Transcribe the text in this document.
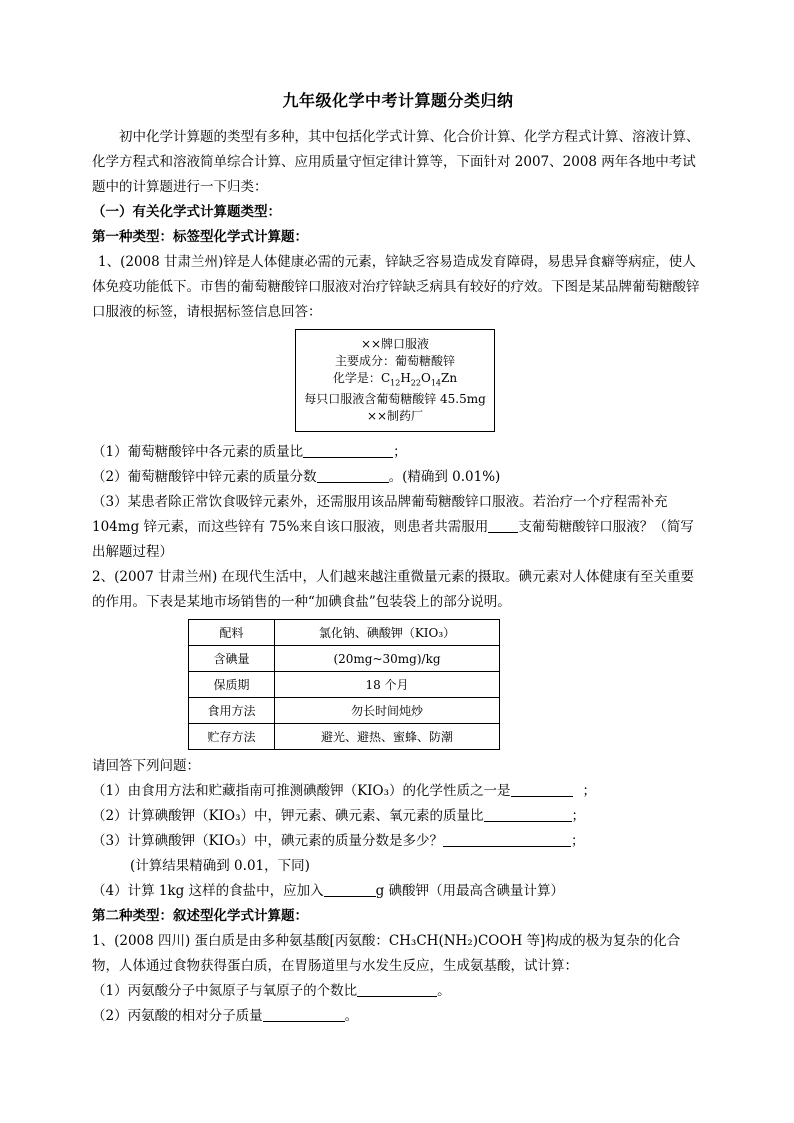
九年级化学中考计算题分类归纳

初中化学计算题的类型有多种，其中包括化学式计算、化合价计算、化学方程式计算、溶液计算、化学方程式和溶液简单综合计算、应用质量守恒定律计算等，下面针对 2007、2008 两年各地中考试题中的计算题进行一下归类：

（一）有关化学式计算题类型：

第一种类型：标签型化学式计算题：

1、(2008 甘肃兰州)锌是人体健康必需的元素，锌缺乏容易造成发育障碍，易患异食癖等病症，使人体免疫功能低下。市售的葡萄糖酸锌口服液对治疗锌缺乏病具有较好的疗效。下图是某品牌葡萄糖酸锌口服液的标签，请根据标签信息回答：

××牌口服液
主要成分：葡萄糖酸锌
化学是：$C_{12}H_{22}O_{14}Zn$
每只口服液含葡萄糖酸锌 45.5mg
××制药厂

（1）葡萄糖酸锌中各元素的质量比	；

（2）葡萄糖酸锌中锌元素的质量分数	。(精确到 0.01%)

（3）某患者除正常饮食吸锌元素外，还需服用该品牌葡萄糖酸锌口服液。若治疗一个疗程需补充 104mg 锌元素，而这些锌有 75%来自该口服液，则患者共需服用 支葡萄糖酸锌口服液？（简写出解题过程）

2、(2007 甘肃兰州) 在现代生活中，人们越来越注重微量元素的摄取。碘元素对人体健康有至关重要的作用。下表是某地市场销售的一种“加碘食盐”包装袋上的部分说明。

配料	氯化钠、碘酸钾（KIO₃）
含碘量	(20mg~30mg)/kg
保质期	18 个月
食用方法	勿长时间炖炒
贮存方法	避光、避热、蜜蜂、防潮

请回答下列问题：

（1）由食用方法和贮藏指南可推测碘酸钾（KIO₃）的化学性质之一是	；

（2）计算碘酸钾（KIO₃）中，钾元素、碘元素、氧元素的质量比	；

（3）计算碘酸钾（KIO₃）中，碘元素的质量分数是多少？	；

(计算结果精确到 0.01，下同)

（4）计算 1kg 这样的食盐中，应加入	g 碘酸钾（用最高含碘量计算）

第二种类型：叙述型化学式计算题：

1、(2008 四川) 蛋白质是由多种氨基酸[丙氨酸：CH₃CH(NH₂)COOH 等]构成的极为复杂的化合物，人体通过食物获得蛋白质，在胃肠道里与水发生反应，生成氨基酸，试计算：

（1）丙氨酸分子中氮原子与氧原子的个数比	。

（2）丙氨酸的相对分子质量	。
